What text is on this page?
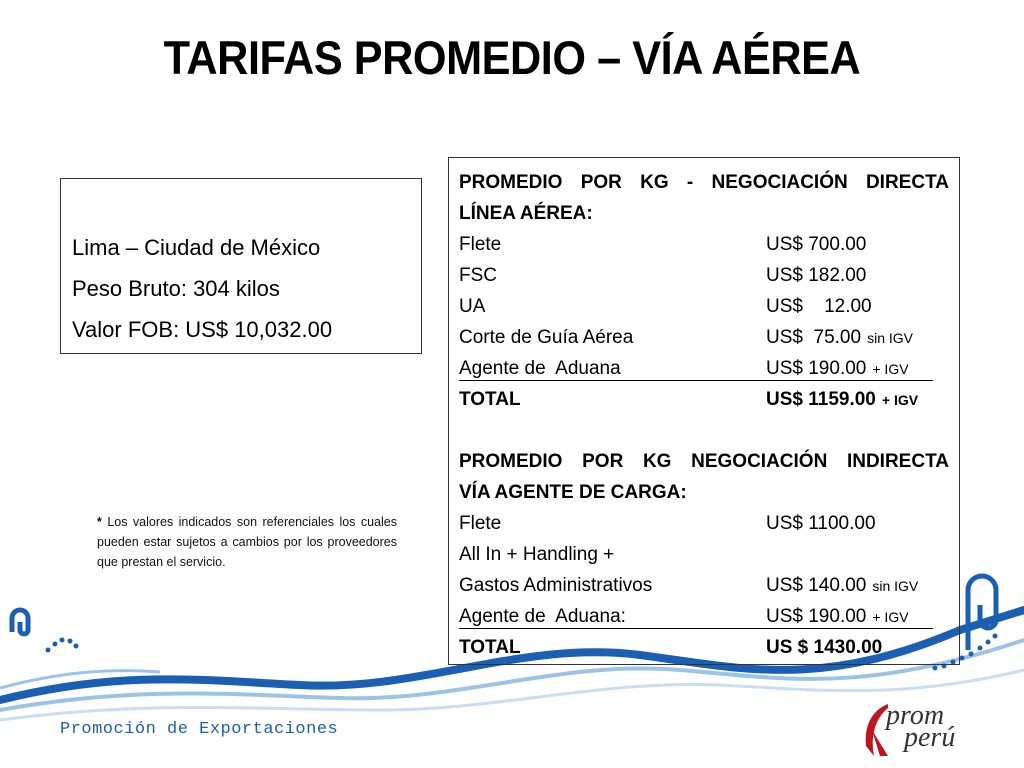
TARIFAS PROMEDIO – VÍA AÉREA
Lima – Ciudad de México
Peso Bruto: 304 kilos
Valor FOB: US$ 10,032.00
* Los valores indicados son referenciales los cuales pueden estar sujetos a cambios por los proveedores que prestan el servicio.
PROMEDIO POR KG - NEGOCIACIÓN DIRECTA
LÍNEA AÉREA:
Flete	US$ 700.00
FSC	US$ 182.00
UA	US$    12.00
Corte de Guía Aérea	US$  75.00 sin IGV
Agente de  Aduana	US$ 190.00 + IGV
TOTAL	US$ 1159.00 + IGV
PROMEDIO POR KG NEGOCIACIÓN INDIRECTA
VÍA AGENTE DE CARGA:
Flete	US$ 1100.00
All In + Handling +
Gastos Administrativos	US$ 140.00 sin IGV
Agente de  Aduana:	US$ 190.00 + IGV
TOTAL	US $ 1430.00
Promoción de Exportaciones	prom
perú
